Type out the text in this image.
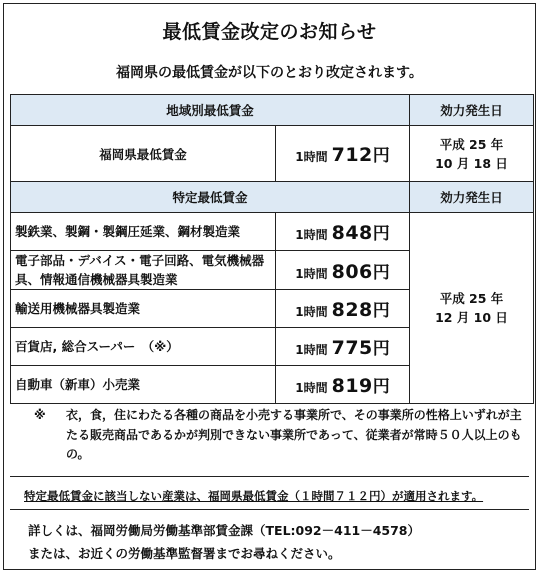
最低賃金改定のお知らせ
福岡県の最低賃金が以下のとおり改定されます。
地域別最低賃金		効力発生日
福岡県最低賃金	1時間 712円	平成 25 年
10 月 18 日

特定最低賃金		効力発生日
製鉄業、製鋼・製鋼圧延業、鋼材製造業	1時間 848円	平成 25 年
12 月 10 日

電子部品・デバイス・電子回路、電気機械器具、情報通信機械器具製造業	1時間 806円	
輸送用機械器具製造業	1時間 828円	
百貨店, 総合スーパー　（※）	1時間 775円	
自動車（新車）小売業	1時間 819円	
※	衣，食，住にわたる各種の商品を小売する事業所で、その事業所の性格上いずれが主たる販売商品であるかが判別できない事業所であって、従業者が常時５０人以上のもの。
特定最低賃金に該当しない産業は、福岡県最低賃金（１時間７１２円）が適用されます。
詳しくは、福岡労働局労働基準部賃金課（TEL:092－411－4578）
または、お近くの労働基準監督署までお尋ねください。
